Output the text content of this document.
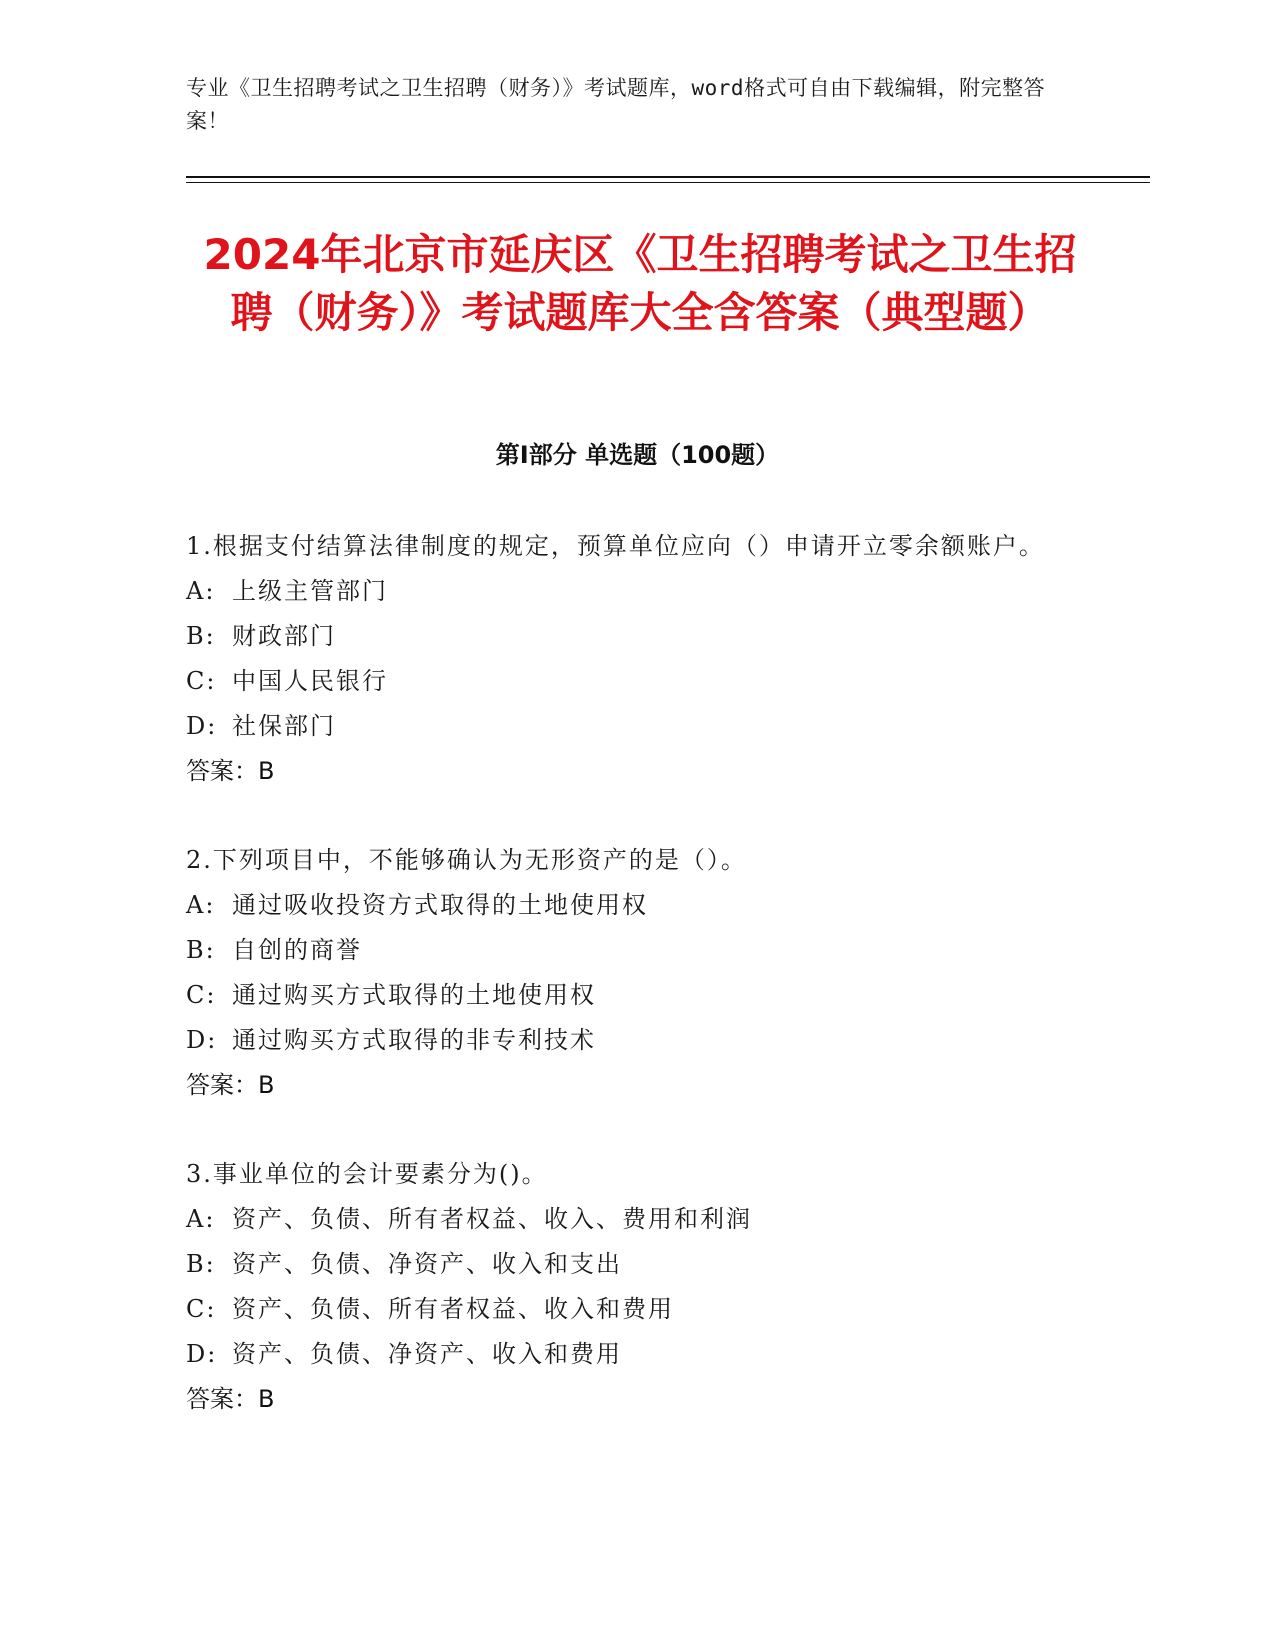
专业《卫生招聘考试之卫生招聘（财务）》考试题库，word格式可自由下载编辑，附完整答案！
2024年北京市延庆区《卫生招聘考试之卫生招聘（财务）》考试题库大全含答案（典型题）
第I部分 单选题（100题）
1.根据支付结算法律制度的规定，预算单位应向（）申请开立零余额账户。
A: 上级主管部门
B: 财政部门
C: 中国人民银行
D: 社保部门
答案：B
2.下列项目中，不能够确认为无形资产的是（）。
A: 通过吸收投资方式取得的土地使用权
B: 自创的商誉
C: 通过购买方式取得的土地使用权
D: 通过购买方式取得的非专利技术
答案：B
3.事业单位的会计要素分为()。
A: 资产、负债、所有者权益、收入、费用和利润
B: 资产、负债、净资产、收入和支出
C: 资产、负债、所有者权益、收入和费用
D: 资产、负债、净资产、收入和费用
答案：B
